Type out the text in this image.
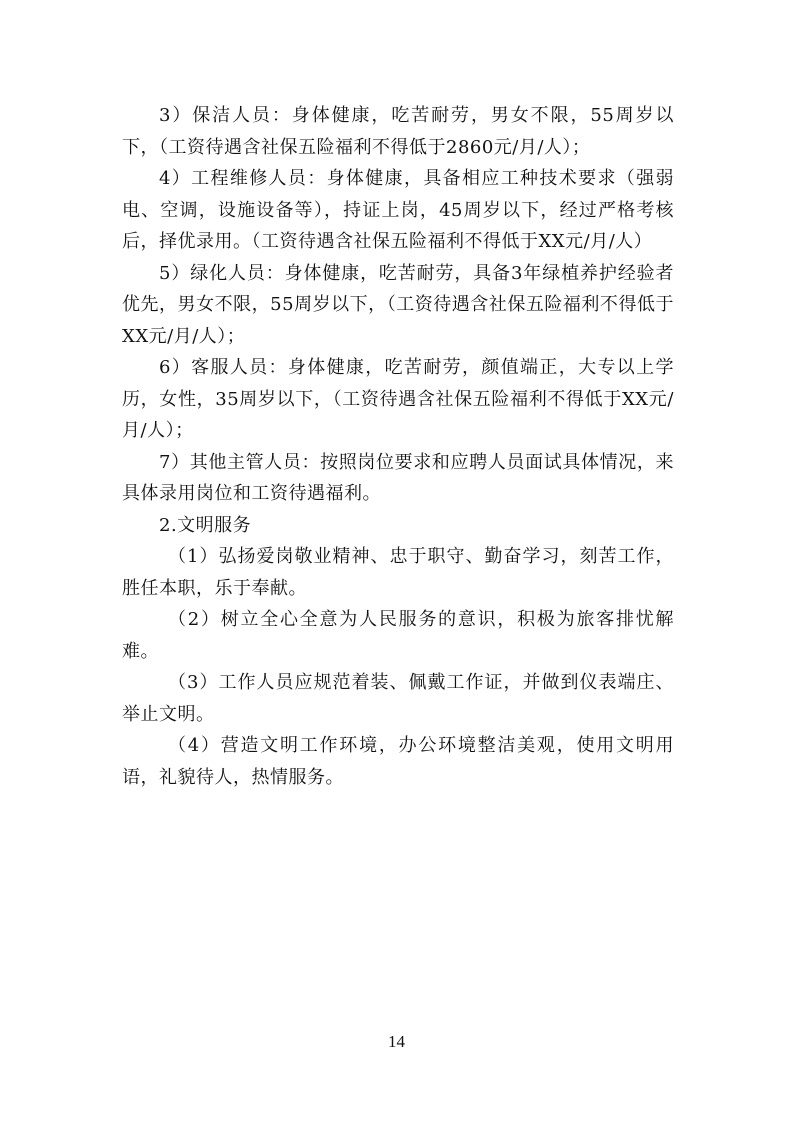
3）保洁人员：身体健康，吃苦耐劳，男女不限，55周岁以下，（工资待遇含社保五险福利不得低于2860元/月/人）；

4）工程维修人员：身体健康，具备相应工种技术要求（强弱电、空调，设施设备等），持证上岗，45周岁以下，经过严格考核后，择优录用。（工资待遇含社保五险福利不得低于XX元/月/人）

5）绿化人员：身体健康，吃苦耐劳，具备3年绿植养护经验者优先，男女不限，55周岁以下，（工资待遇含社保五险福利不得低于XX元/月/人）；

6）客服人员：身体健康，吃苦耐劳，颜值端正，大专以上学历，女性，35周岁以下，（工资待遇含社保五险福利不得低于XX元/月/人）；

7）其他主管人员：按照岗位要求和应聘人员面试具体情况，来具体录用岗位和工资待遇福利。

2.文明服务

（1）弘扬爱岗敬业精神、忠于职守、勤奋学习，刻苦工作，胜任本职，乐于奉献。

（2）树立全心全意为人民服务的意识，积极为旅客排忧解难。

（3）工作人员应规范着装、佩戴工作证，并做到仪表端庄、举止文明。

（4）营造文明工作环境，办公环境整洁美观，使用文明用语，礼貌待人，热情服务。

14
